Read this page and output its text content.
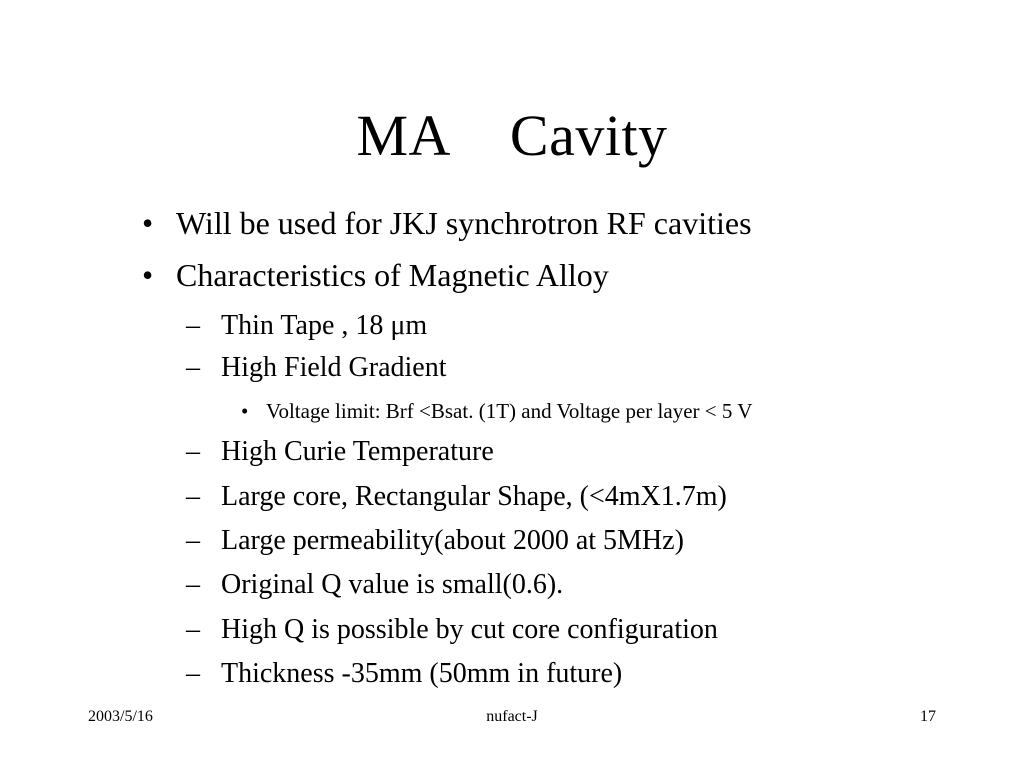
MA  Cavity
• Will be used for JKJ synchrotron RF cavities
• Characteristics of Magnetic Alloy
– Thin Tape , 18 μm
– High Field Gradient
• Voltage limit: Brf <Bsat. (1T) and Voltage per layer < 5 V
– High Curie Temperature
– Large core, Rectangular Shape, (<4mX1.7m)
– Large permeability(about 2000 at 5MHz)
– Original Q value is small(0.6).
– High Q is possible by cut core configuration
– Thickness -35mm (50mm in future)
2003/5/16	nufact-J	17
